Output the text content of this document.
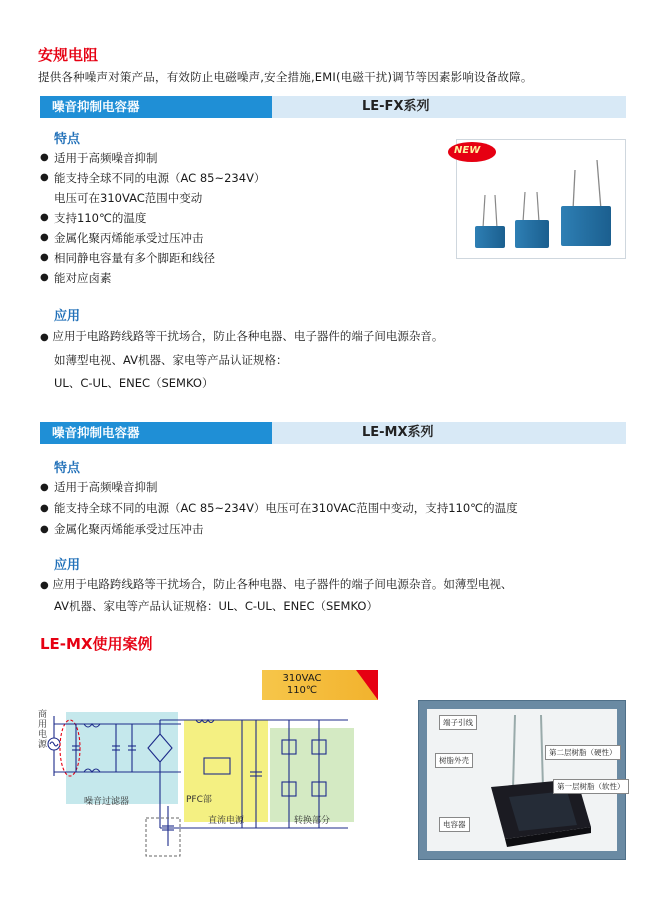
安规电阻
提供各种噪声对策产品，有效防止电磁噪声,安全措施,EMI(电磁干扰)调节等因素影响设备故障。
噪音抑制电容器	LE-FX系列
特点
● 适用于高频噪音抑制
● 能支持全球不同的电源（AC 85~234V）
电压可在310VAC范围中变动
● 支持110℃的温度
● 金属化聚丙烯能承受过压冲击
● 相同静电容量有多个脚距和线径
● 能对应卤素
NEW
应用
● 应用于电路跨线路等干扰场合，防止各种电器、电子器件的端子间电源杂音。
如薄型电视、AV机器、家电等产品认证规格：
UL、C-UL、ENEC（SEMKO）
噪音抑制电容器	LE-MX系列
特点
● 适用于高频噪音抑制
● 能支持全球不同的电源（AC 85~234V）电压可在310VAC范围中变动，支持110℃的温度
● 金属化聚丙烯能承受过压冲击
应用
● 应用于电路跨线路等干扰场合，防止各种电器、电子器件的端子间电源杂音。如薄型电视、
AV机器、家电等产品认证规格：UL、C-UL、ENEC（SEMKO）
LE-MX使用案例
310VAC
110℃
商用电源
噪音过滤器	PFC部
直流电源	转换部分
端子引线
树脂外壳
第二层树脂（硬性）
第一层树脂（软性）
电容器
